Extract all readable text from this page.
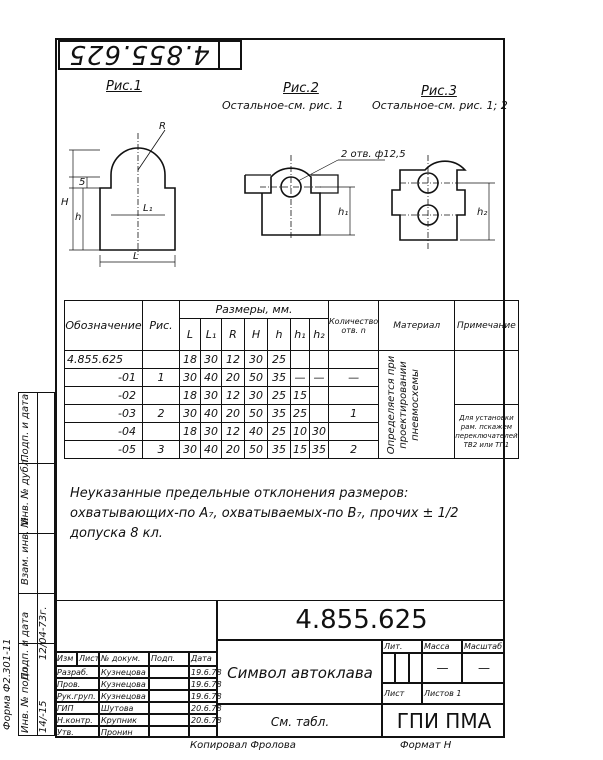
4.855.625
Рис.1	Рис.2	Рис.3
Остальное-см. рис. 1	Остальное-см. рис. 1; 2
R
L₁
L
H
h
5
2 отв. ф12,5
h₁	h₂
Обозначение	Рис.	Размеры, мм.							Количество отв. n	Материал	Примечание
		L	L₁	R	H	h	h₁	h₂			
4.855.625		18	30	12	30	25				Определяется при проектировании пневмосхемы	

-01	1	30	40	20	50	35	—	—	—		
-02		18	30	12	30	25	15				
-03	2	30	40	20	50	35	25		1		Для установки рам. пскажем переключателей ТВ2 или ТП1
-04		18	30	12	40	25	10	30			
-05	3	30	40	20	50	35	15	35	2		
Неуказанные предельные отклонения размеров: охватывающих-по A₇, охватываемых-по B₇, прочих ± 1/2 допуска 8 кл.
Форма Ф2.301-11 Инв. № подл. 14/-15
Подп. и дата 12/04-73г.
Взам. инв. №
Инв. № дубл.
Подп. и дата
Изм Лист № докум.	Подп.	Дата
Разраб.	Кузнецова	19.6.78
Пров.	Кузнецова	19.6.78
Рук.груп. Кузнецова	19.6.78
ГИП	Шутова	20.6.78
Н.контр.	Крупник	20.6.78
Утв.	Пронин
4.855.625
Символ автоклава
См. табл.
Лит.	Масса	Масштаб
—	—
Лист	Листов 1
ГПИ ПМА
Копировал Фролова	Формат Н
